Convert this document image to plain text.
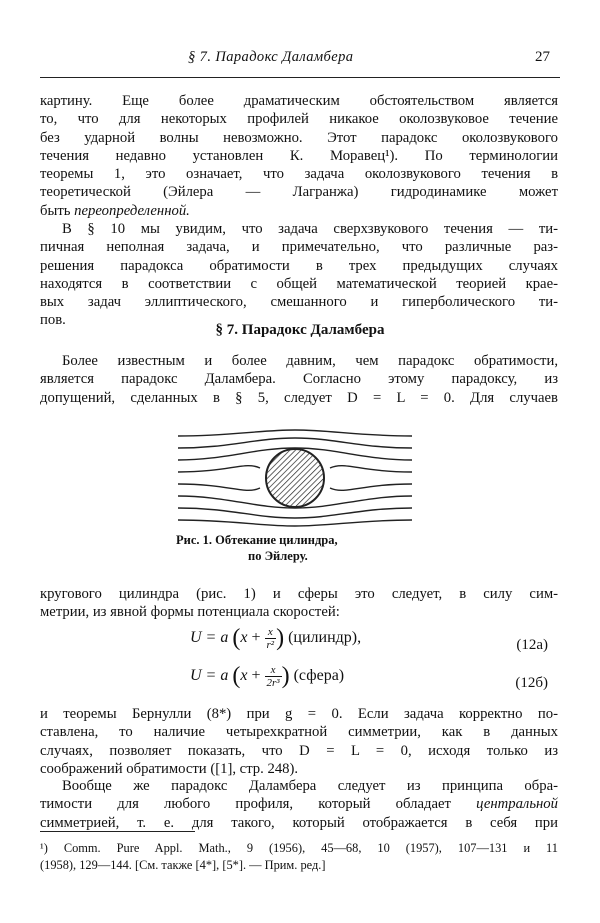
§ 7. Парадокс Даламбера	27
картину. Еще более драматическим обстоятельством является
то, что для некоторых профилей никакое околозвуковое течение
без ударной волны невозможно. Этот парадокс околозвукового
течения недавно установлен К. Моравец¹). По терминологии
теоремы 1, это означает, что задача околозвукового течения в
теоретической (Эйлера — Лагранжа) гидродинамике может
быть переопределенной.
В § 10 мы увидим, что задача сверхзвукового течения — ти-
пичная неполная задача, и примечательно, что различные раз-
решения парадокса обратимости в трех предыдущих случаях
находятся в соответствии с общей математической теорией крае-
вых задач эллиптического, смешанного и гиперболического ти-
пов.
§ 7. Парадокс Даламбера
Более известным и более давним, чем парадокс обратимости,
является парадокс Даламбера. Согласно этому парадоксу, из
допущений, сделанных в § 5, следует D = L = 0. Для случаев
Рис. 1. Обтекание цилиндра,
по Эйлеру.
кругового цилиндра (рис. 1) и сферы это следует, в силу сим-
метрии, из явной формы потенциала скоростей:
U = a ($x + \frac{x}{\text{r²}}$ ) (цилиндр),	(12a)
U = a ($x + \frac{x}{\text{2r³}}$ ) (сфера)	(12б)
и теоремы Бернулли (8*) при g = 0. Если задача корректно по-
ставлена, то наличие четырехкратной симметрии, как в данных
случаях, позволяет показать, что D = L = 0, исходя только из
соображений обратимости ([1], стр. 248).
Вообще же парадокс Даламбера следует из принципа обра-
тимости для любого профиля, который обладает центральной
симметрией, т. е. для такого, который отображается в себя при
¹) Comm. Pure Appl. Math., 9 (1956), 45—68, 10 (1957), 107—131 и 11
(1958), 129—144. [См. также [4*], [5*]. — Прим. ред.]
